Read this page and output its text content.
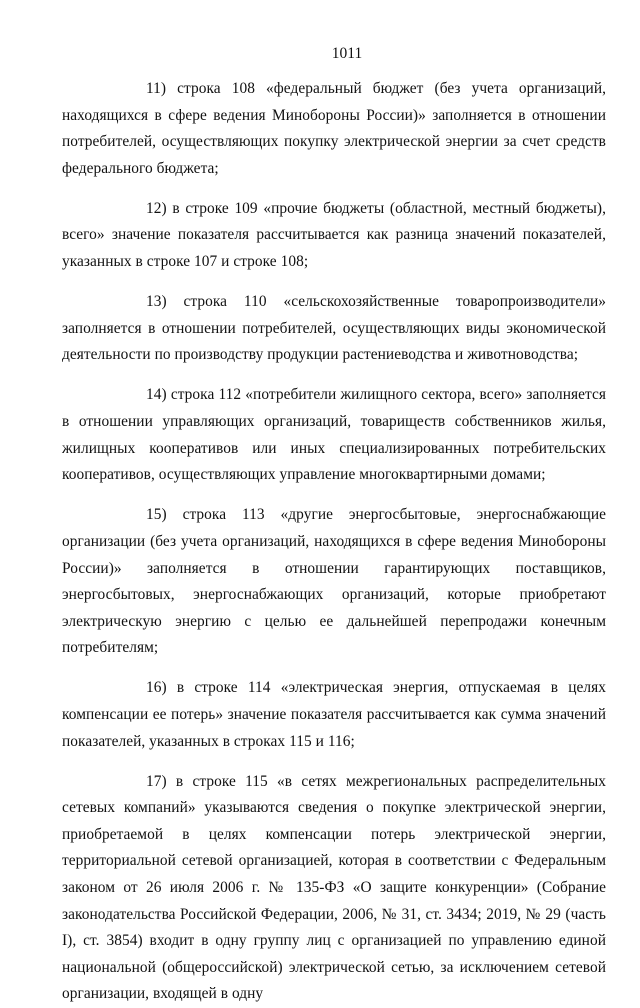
1011

11) строка 108 «федеральный бюджет (без учета организаций, находящихся в сфере ведения Минобороны России)» заполняется в отношении потребителей, осуществляющих покупку электрической энергии за счет средств федерального бюджета;

12) в строке 109 «прочие бюджеты (областной, местный бюджеты), всего» значение показателя рассчитывается как разница значений показателей, указанных в строке 107 и строке 108;

13) строка 110 «сельскохозяйственные товаропроизводители» заполняется в отношении потребителей, осуществляющих виды экономической деятельности по производству продукции растениеводства и животноводства;

14) строка 112 «потребители жилищного сектора, всего» заполняется в отношении управляющих организаций, товариществ собственников жилья, жилищных кооперативов или иных специализированных потребительских кооперативов, осуществляющих управление многоквартирными домами;

15) строка 113 «другие энергосбытовые, энергоснабжающие организации (без учета организаций, находящихся в сфере ведения Минобороны России)» заполняется в отношении гарантирующих поставщиков, энергосбытовых, энергоснабжающих организаций, которые приобретают электрическую энергию с целью ее дальнейшей перепродажи конечным потребителям;

16) в строке 114 «электрическая энергия, отпускаемая в целях компенсации ее потерь» значение показателя рассчитывается как сумма значений показателей, указанных в строках 115 и 116;

17) в строке 115 «в сетях межрегиональных распределительных сетевых компаний» указываются сведения о покупке электрической энергии, приобретаемой в целях компенсации потерь электрической энергии, территориальной сетевой организацией, которая в соответствии с Федеральным законом от 26 июля 2006 г. № 135-ФЗ «О защите конкуренции» (Собрание законодательства Российской Федерации, 2006, № 31, ст. 3434; 2019, № 29 (часть I), ст. 3854) входит в одну группу лиц с организацией по управлению единой национальной (общероссийской) электрической сетью, за исключением сетевой организации, входящей в одну
